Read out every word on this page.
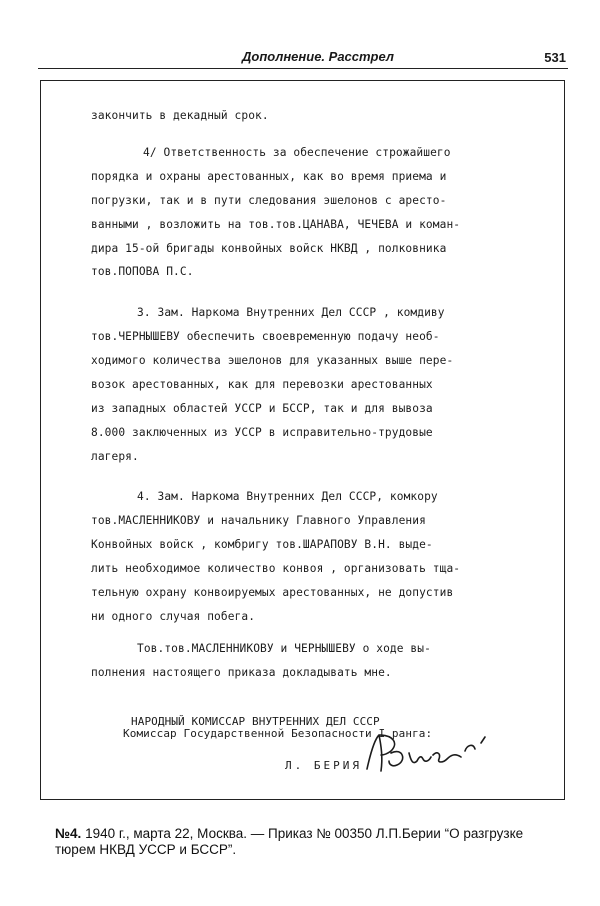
Дополнение. Расстрел	531
закончить в декадный срок.
4/ Ответственность за обеспечение строжайшего
порядка и охраны арестованных, как во время приема и
погрузки, так и в пути следования эшелонов с аресто-
ванными , возложить на тов.тов.ЦАНАВА, ЧЕЧЕВА и коман-
дира 15-ой бригады конвойных войск НКВД , полковника
тов.ПОПОВА П.С.
3. Зам. Наркома Внутренних Дел СССР , комдиву
тов.ЧЕРНЫШЕВУ обеспечить своевременную подачу необ-
ходимого количества эшелонов для указанных выше пере-
возок арестованных, как для перевозки арестованных
из западных областей УССР и БССР, так и для вывоза
8.000 заключенных из УССР в исправительно-трудовые
лагеря.
4. Зам. Наркома Внутренних Дел СССР, комкору
тов.МАСЛЕННИКОВУ и начальнику Главного Управления
Конвойных войск , комбригу тов.ШАРАПОВУ В.Н. выде-
лить необходимое количество конвоя , организовать тща-
тельную охрану конвоируемых арестованных, не допустив
ни одного случая побега.
Тов.тов.МАСЛЕННИКОВУ и ЧЕРНЫШЕВУ о ходе вы-
полнения настоящего приказа докладывать мне.
НАРОДНЫЙ КОМИССАР ВНУТРЕННИХ ДЕЛ СССР
Комиссар Государственной Безопасности I ранга:
Л. БЕРИЯ
№4. 1940 г., марта 22, Москва. — Приказ № 00350 Л.П.Берии “О разгрузке
тюрем НКВД УССР и БССР”.
